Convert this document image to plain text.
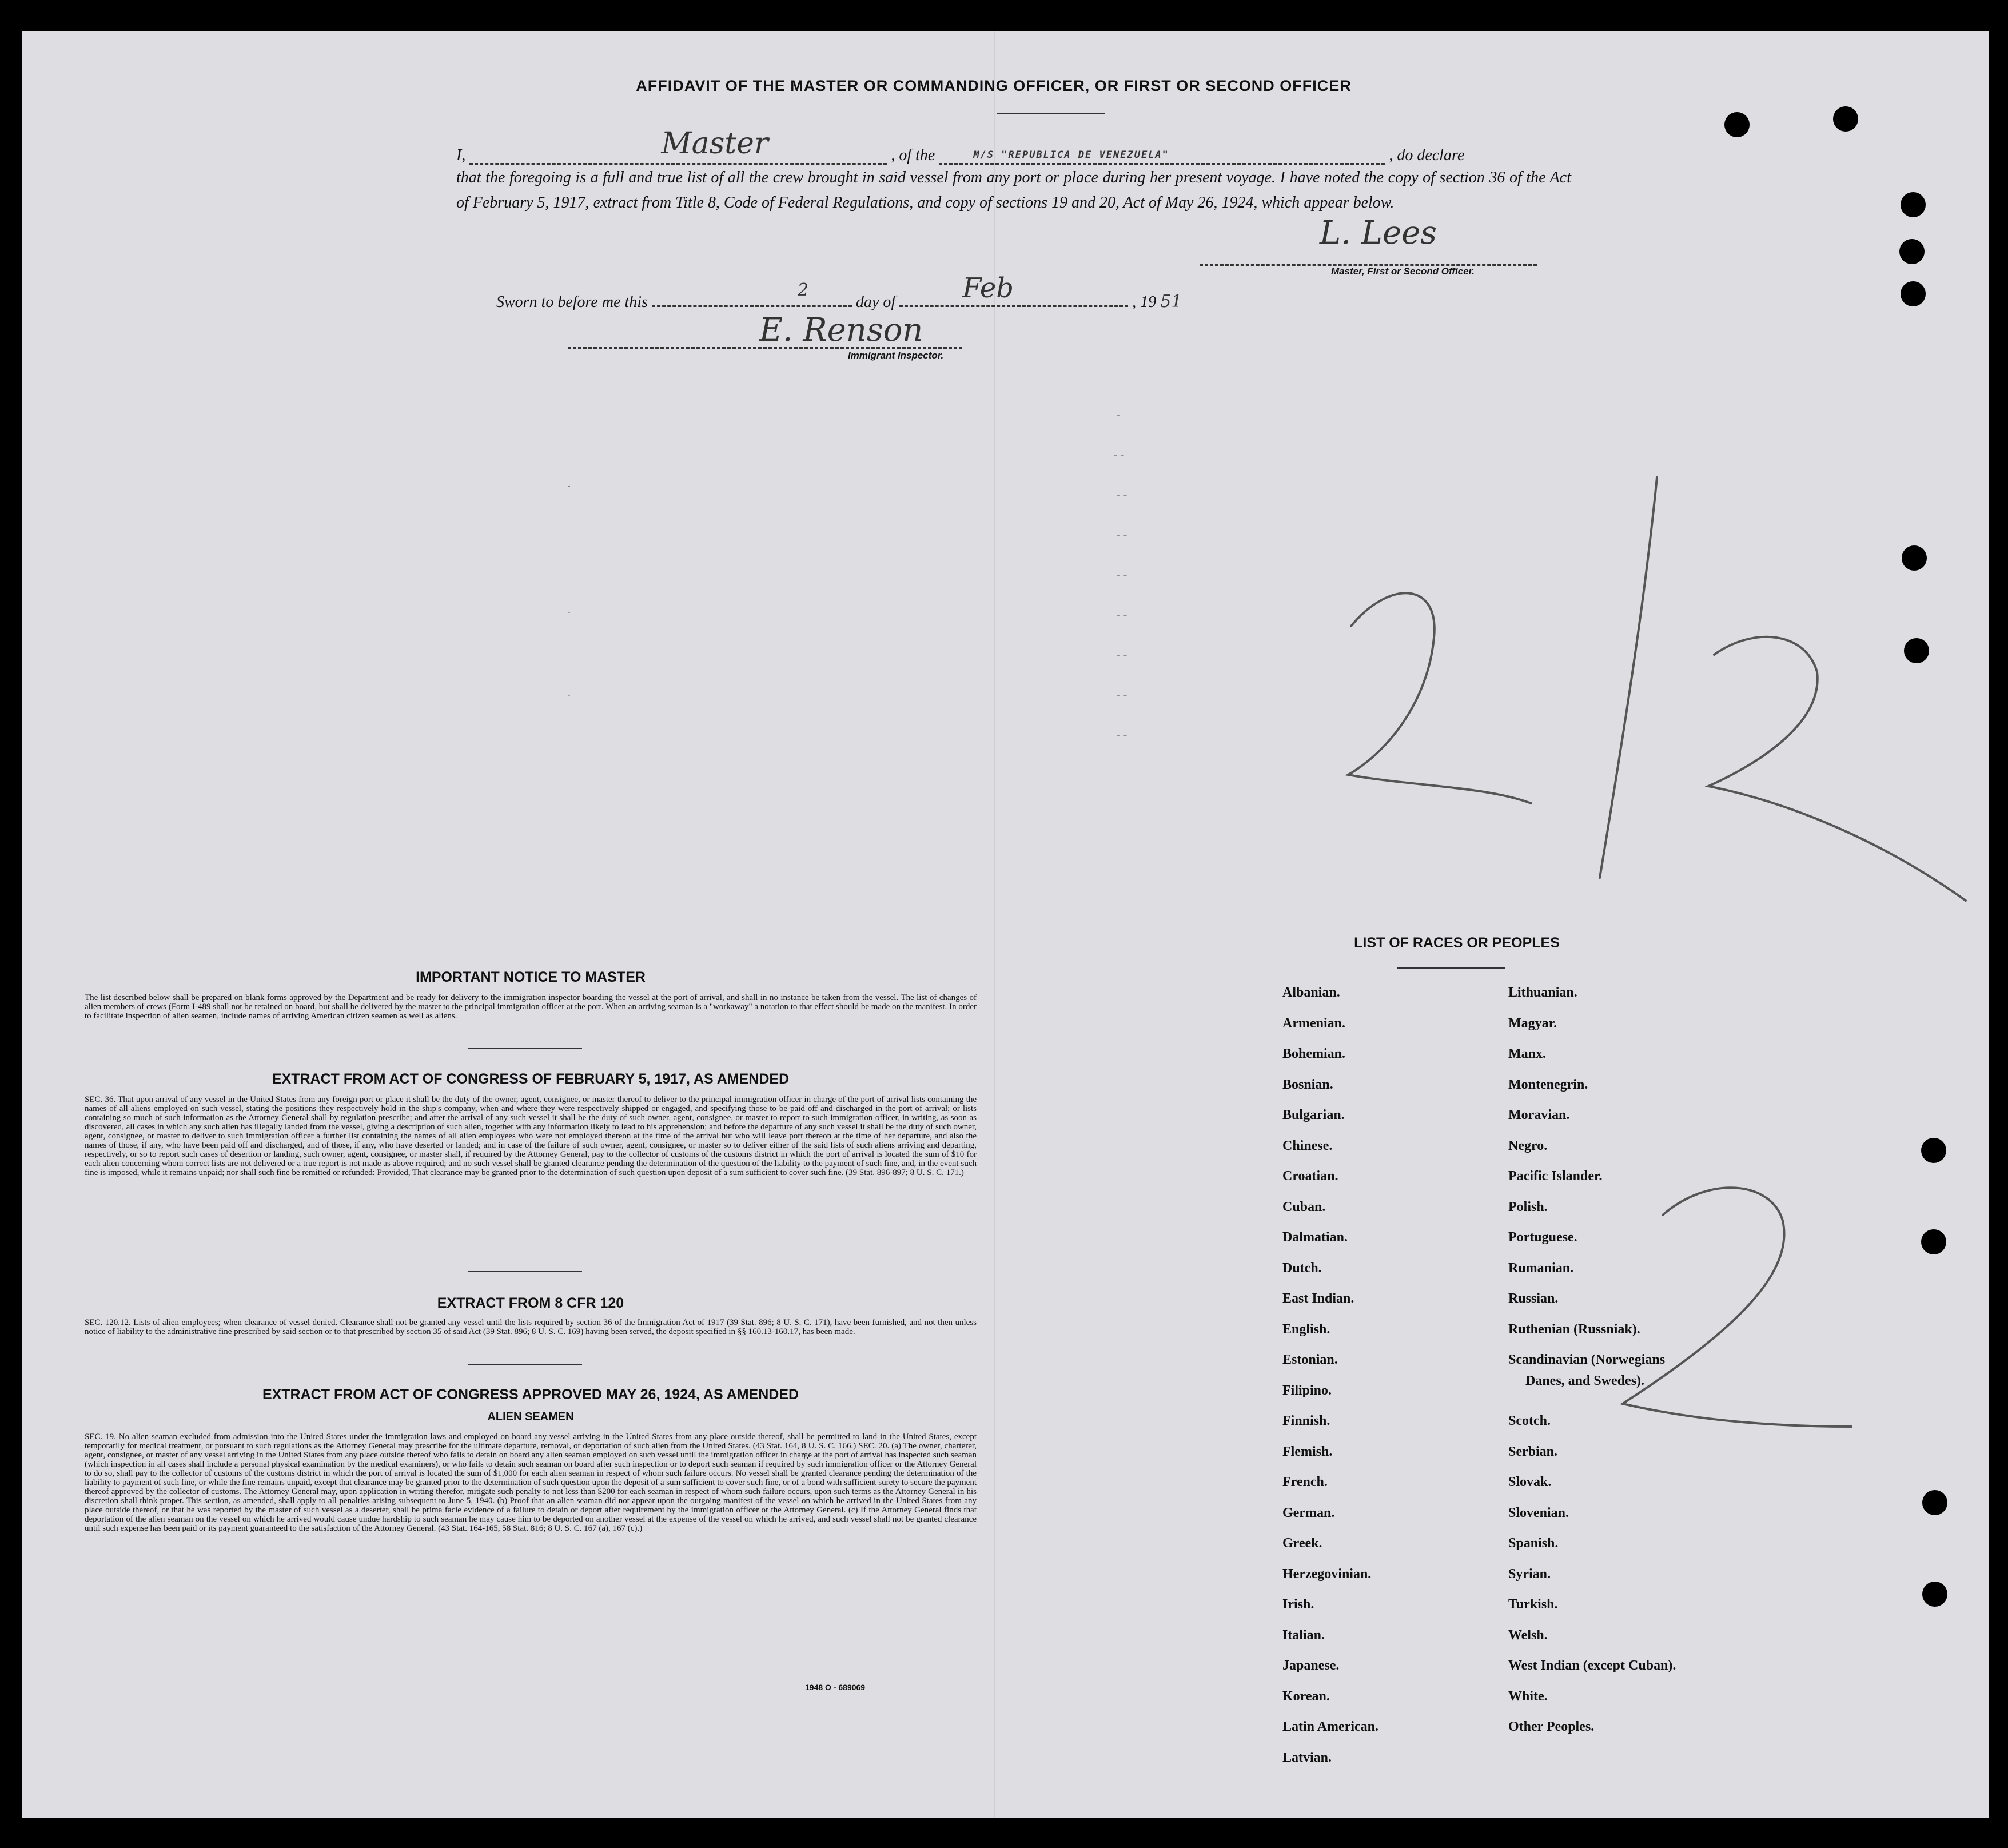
AFFIDAVIT OF THE MASTER OR COMMANDING OFFICER, OR FIRST OR SECOND OFFICER
I,	Master	, of the	M/S "REPUBLICA DE VENEZUELA"	, do declare
that the foregoing is a full and true list of all the crew brought in said vessel from any port or place during her present voyage. I have noted the copy of section 36 of the Act of February 5, 1917, extract from Title 8, Code of Federal Regulations, and copy of sections 19 and 20, Act of May 26, 1924, which appear below.
L. Lees
Master, First or Second Officer.
Sworn to before me this
2
day of Feb	, 19 51
E. Renson
Immigrant Inspector.
IMPORTANT NOTICE TO MASTER
The list described below shall be prepared on blank forms approved by the Department and be ready for delivery to the immigration inspector boarding the vessel at the port of arrival, and shall in no instance be taken from the vessel. The list of changes of alien members of crews (Form I-489 shall not be retained on board, but shall be delivered by the master to the principal immigration officer at the port. When an arriving seaman is a "workaway" a notation to that effect should be made on the manifest. In order to facilitate inspection of alien seamen, include names of arriving American citizen seamen as well as aliens.
EXTRACT FROM ACT OF CONGRESS OF FEBRUARY 5, 1917, AS AMENDED
SEC. 36. That upon arrival of any vessel in the United States from any foreign port or place it shall be the duty of the owner, agent, consignee, or master thereof to deliver to the principal immigration officer in charge of the port of arrival lists containing the names of all aliens employed on such vessel, stating the positions they respectively hold in the ship's company, when and where they were respectively shipped or engaged, and specifying those to be paid off and discharged in the port of arrival; or lists containing so much of such information as the Attorney General shall by regulation prescribe; and after the arrival of any such vessel it shall be the duty of such owner, agent, consignee, or master to report to such immigration officer, in writing, as soon as discovered, all cases in which any such alien has illegally landed from the vessel, giving a description of such alien, together with any information likely to lead to his apprehension; and before the departure of any such vessel it shall be the duty of such owner, agent, consignee, or master to deliver to such immigration officer a further list containing the names of all alien employees who were not employed thereon at the time of the arrival but who will leave port thereon at the time of her departure, and also the names of those, if any, who have been paid off and discharged, and of those, if any, who have deserted or landed; and in case of the failure of such owner, agent, consignee, or master so to deliver either of the said lists of such aliens arriving and departing, respectively, or so to report such cases of desertion or landing, such owner, agent, consignee, or master shall, if required by the Attorney General, pay to the collector of customs of the customs district in which the port of arrival is located the sum of $10 for each alien concerning whom correct lists are not delivered or a true report is not made as above required; and no such vessel shall be granted clearance pending the determination of the question of the liability to the payment of such fine, and, in the event such fine is imposed, while it remains unpaid; nor shall such fine be remitted or refunded: Provided, That clearance may be granted prior to the determination of such question upon deposit of a sum sufficient to cover such fine. (39 Stat. 896-897; 8 U. S. C. 171.)
EXTRACT FROM 8 CFR 120
SEC. 120.12. Lists of alien employees; when clearance of vessel denied. Clearance shall not be granted any vessel until the lists required by section 36 of the Immigration Act of 1917 (39 Stat. 896; 8 U. S. C. 171), have been furnished, and not then unless notice of liability to the administrative fine prescribed by said section or to that prescribed by section 35 of said Act (39 Stat. 896; 8 U. S. C. 169) having been served, the deposit specified in §§ 160.13-160.17, has been made.
EXTRACT FROM ACT OF CONGRESS APPROVED MAY 26, 1924, AS AMENDED
ALIEN SEAMEN
SEC. 19. No alien seaman excluded from admission into the United States under the immigration laws and employed on board any vessel arriving in the United States from any place outside thereof, shall be permitted to land in the United States, except temporarily for medical treatment, or pursuant to such regulations as the Attorney General may prescribe for the ultimate departure, removal, or deportation of such alien from the United States. (43 Stat. 164, 8 U. S. C. 166.) SEC. 20. (a) The owner, charterer, agent, consignee, or master of any vessel arriving in the United States from any place outside thereof who fails to detain on board any alien seaman employed on such vessel until the immigration officer in charge at the port of arrival has inspected such seaman (which inspection in all cases shall include a personal physical examination by the medical examiners), or who fails to detain such seaman on board after such inspection or to deport such seaman if required by such immigration officer or the Attorney General to do so, shall pay to the collector of customs of the customs district in which the port of arrival is located the sum of $1,000 for each alien seaman in respect of whom such failure occurs. No vessel shall be granted clearance pending the determination of the liability to payment of such fine, or while the fine remains unpaid, except that clearance may be granted prior to the determination of such question upon the deposit of a sum sufficient to cover such fine, or of a bond with sufficient surety to secure the payment thereof approved by the collector of customs. The Attorney General may, upon application in writing therefor, mitigate such penalty to not less than $200 for each seaman in respect of whom such failure occurs, upon such terms as the Attorney General in his discretion shall think proper. This section, as amended, shall apply to all penalties arising subsequent to June 5, 1940. (b) Proof that an alien seaman did not appear upon the outgoing manifest of the vessel on which he arrived in the United States from any place outside thereof, or that he was reported by the master of such vessel as a deserter, shall be prima facie evidence of a failure to detain or deport after requirement by the immigration officer or the Attorney General. (c) If the Attorney General finds that deportation of the alien seaman on the vessel on which he arrived would cause undue hardship to such seaman he may cause him to be deported on another vessel at the expense of the vessel on which he arrived, and such vessel shall not be granted clearance until such expense has been paid or its payment guaranteed to the satisfaction of the Attorney General. (43 Stat. 164-165, 58 Stat. 816; 8 U. S. C. 167 (a), 167 (c).)
1948 O - 689069
-
- -
- -
- -
- -
- -
- -
- -
- -
.
.
.
LIST OF RACES OR PEOPLES
Albanian.
Armenian.
Bohemian.
Bosnian.
Bulgarian.
Chinese.
Croatian.
Cuban.
Dalmatian.
Dutch.
East Indian.
English.
Estonian.
Filipino.
Finnish.
Flemish.
French.
German.
Greek.
Herzegovinian.
Irish.
Italian.
Japanese.
Korean.
Latin American.
Latvian.
Lithuanian.
Magyar.
Manx.
Montenegrin.
Moravian.
Negro.
Pacific Islander.
Polish.
Portuguese.
Rumanian.
Russian.
Ruthenian (Russniak).
Scandinavian (Norwegians
Scotch.
Serbian.
Slovak.
Slovenian.
Spanish.
Syrian.
Turkish.
Welsh.
West Indian (except Cuban).
White.
Other Peoples.
Danes, and Swedes).
2/2
2
